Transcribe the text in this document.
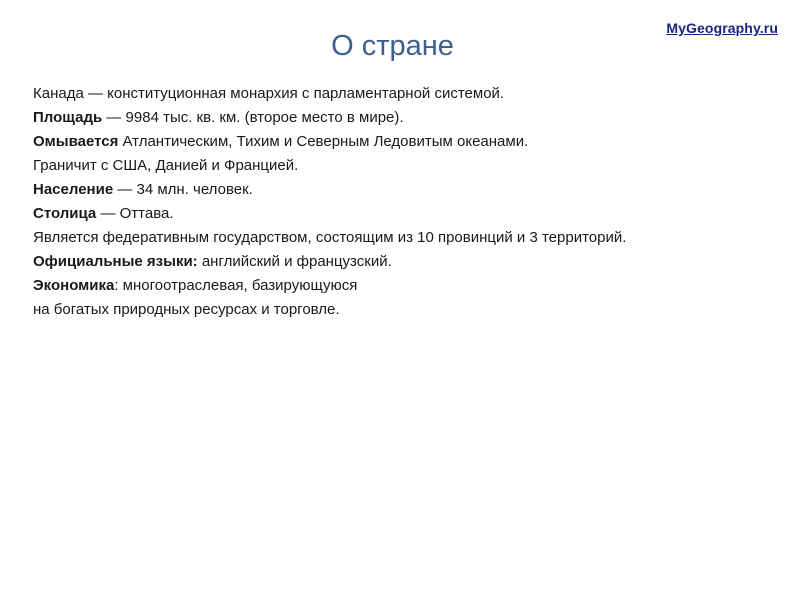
О стране
MyGeography.ru
Канада — конституционная монархия с парламентарной системой.
Площадь — 9984 тыс. кв. км. (второе место в мире).
Омывается Атлантическим, Тихим и Северным Ледовитым океанами.
Граничит с США, Данией и Францией.
Население — 34 млн. человек.
Столица — Оттава.
Является федеративным государством, состоящим из 10 провинций и 3 территорий.
Официальные языки: английский и французский.
Экономика: многоотраслевая, базирующуюся
на богатых природных ресурсах и торговле.
